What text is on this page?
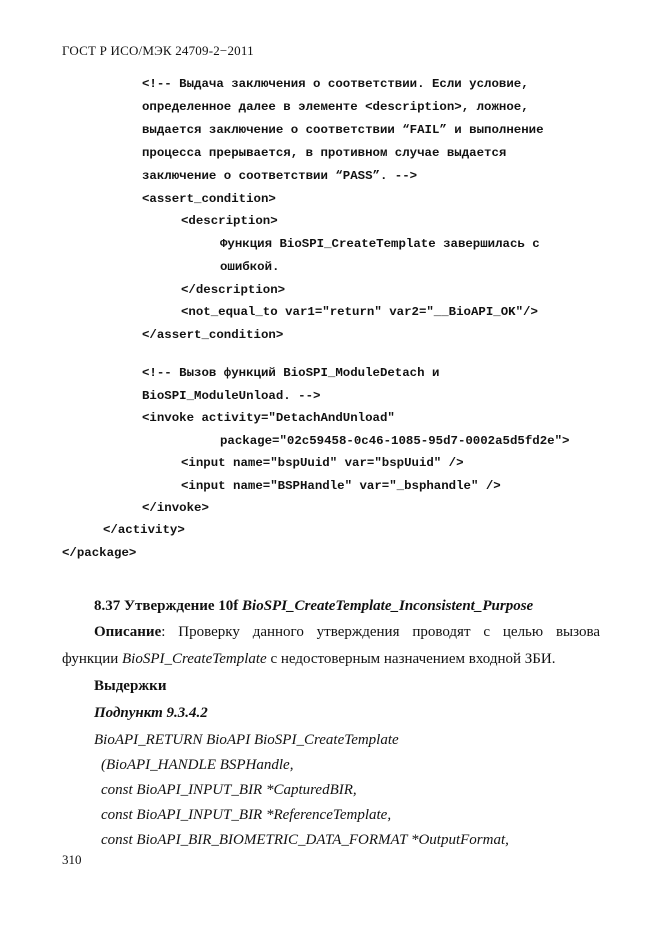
ГОСТ Р ИСО/МЭК 24709-2−2011
<!-- Выдача заключения о соответствии. Если условие,
определенное далее в элементе <description>, ложное,
выдается заключение о соответствии “FAIL” и выполнение
процесса прерывается, в противном случае выдается
заключение о соответствии “PASS”. -->
<assert_condition>
<description>
Функция BioSPI_CreateTemplate завершилась с
ошибкой.
</description>
<not_equal_to var1="return" var2="__BioAPI_OK"/>
</assert_condition>
<!-- Вызов функций BioSPI_ModuleDetach и
BioSPI_ModuleUnload. -->
<invoke activity="DetachAndUnload"
package="02c59458-0c46-1085-95d7-0002a5d5fd2e">
<input name="bspUuid" var="bspUuid" />
<input name="BSPHandle" var="_bsphandle" />
</invoke>
</activity>
</package>
8.37 Утверждение 10f BioSPI_CreateTemplate_Inconsistent_Purpose
Описание: Проверку данного утверждения проводят с целью вызова
функции BioSPI_CreateTemplate с недостоверным назначением входной ЗБИ.
Выдержки
Подпункт 9.3.4.2
BioAPI_RETURN BioAPI BioSPI_CreateTemplate
(BioAPI_HANDLE BSPHandle,
const BioAPI_INPUT_BIR *CapturedBIR,
const BioAPI_INPUT_BIR *ReferenceTemplate,
const BioAPI_BIR_BIOMETRIC_DATA_FORMAT *OutputFormat,
310
